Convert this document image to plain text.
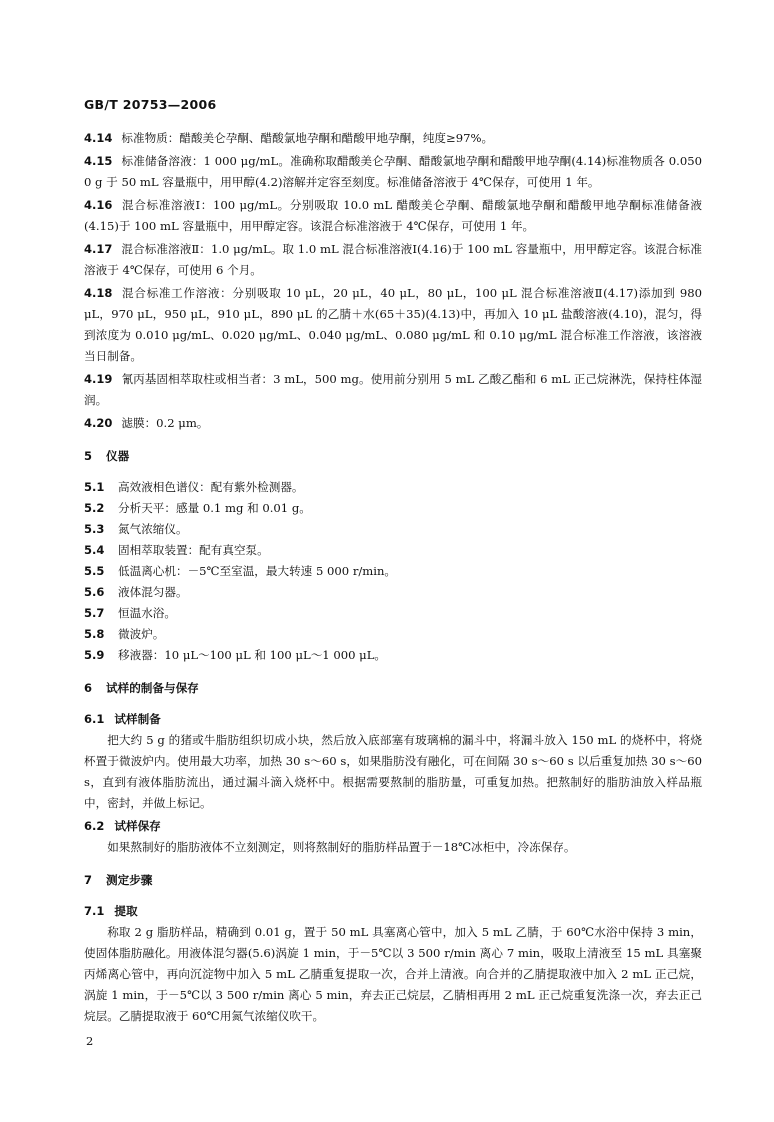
GB/T 20753—2006

4.14 标准物质：醋酸美仑孕酮、醋酸氯地孕酮和醋酸甲地孕酮，纯度≥97%。

4.15 标准储备溶液：1 000 μg/mL。准确称取醋酸美仑孕酮、醋酸氯地孕酮和醋酸甲地孕酮(4.14)标准物质各 0.050 0 g 于 50 mL 容量瓶中，用甲醇(4.2)溶解并定容至刻度。标准储备溶液于 4℃保存，可使用 1 年。

4.16 混合标准溶液Ⅰ：100 μg/mL。分别吸取 10.0 mL 醋酸美仑孕酮、醋酸氯地孕酮和醋酸甲地孕酮标准储备液(4.15)于 100 mL 容量瓶中，用甲醇定容。该混合标准溶液于 4℃保存，可使用 1 年。

4.17 混合标准溶液Ⅱ：1.0 μg/mL。取 1.0 mL 混合标准溶液Ⅰ(4.16)于 100 mL 容量瓶中，用甲醇定容。该混合标准溶液于 4℃保存，可使用 6 个月。

4.18 混合标准工作溶液：分别吸取 10 μL，20 μL，40 μL，80 μL，100 μL 混合标准溶液Ⅱ(4.17)添加到 980 μL，970 μL，950 μL，910 μL，890 μL 的乙腈＋水(65＋35)(4.13)中，再加入 10 μL 盐酸溶液(4.10)，混匀，得到浓度为 0.010 μg/mL、0.020 μg/mL、0.040 μg/mL、0.080 μg/mL 和 0.10 μg/mL 混合标准工作溶液，该溶液当日制备。

4.19 氰丙基固相萃取柱或相当者：3 mL，500 mg。使用前分别用 5 mL 乙酸乙酯和 6 mL 正己烷淋洗，保持柱体湿润。

4.20 滤膜：0.2 μm。

5 仪器
5.1 高效液相色谱仪：配有紫外检测器。
5.2 分析天平：感量 0.1 mg 和 0.01 g。
5.3 氮气浓缩仪。
5.4 固相萃取装置：配有真空泵。
5.5 低温离心机：－5℃至室温，最大转速 5 000 r/min。
5.6 液体混匀器。
5.7 恒温水浴。
5.8 微波炉。
5.9 移液器：10 μL～100 μL 和 100 μL～1 000 μL。
6 试样的制备与保存
6.1 试样制备

把大约 5 g 的猪或牛脂肪组织切成小块，然后放入底部塞有玻璃棉的漏斗中，将漏斗放入 150 mL 的烧杯中，将烧杯置于微波炉内。使用最大功率，加热 30 s～60 s，如果脂肪没有融化，可在间隔 30 s～60 s 以后重复加热 30 s～60 s，直到有液体脂肪流出，通过漏斗滴入烧杯中。根据需要熬制的脂肪量，可重复加热。把熬制好的脂肪油放入样品瓶中，密封，并做上标记。

6.2 试样保存

如果熬制好的脂肪液体不立刻测定，则将熬制好的脂肪样品置于－18℃冰柜中，冷冻保存。

7 测定步骤
7.1 提取

称取 2 g 脂肪样品，精确到 0.01 g，置于 50 mL 具塞离心管中，加入 5 mL 乙腈，于 60℃水浴中保持 3 min，使固体脂肪融化。用液体混匀器(5.6)涡旋 1 min，于－5℃以 3 500 r/min 离心 7 min，吸取上清液至 15 mL 具塞聚丙烯离心管中，再向沉淀物中加入 5 mL 乙腈重复提取一次，合并上清液。向合并的乙腈提取液中加入 2 mL 正己烷，涡旋 1 min，于－5℃以 3 500 r/min 离心 5 min，弃去正己烷层，乙腈相再用 2 mL 正己烷重复洗涤一次，弃去正己烷层。乙腈提取液于 60℃用氮气浓缩仪吹干。

2
